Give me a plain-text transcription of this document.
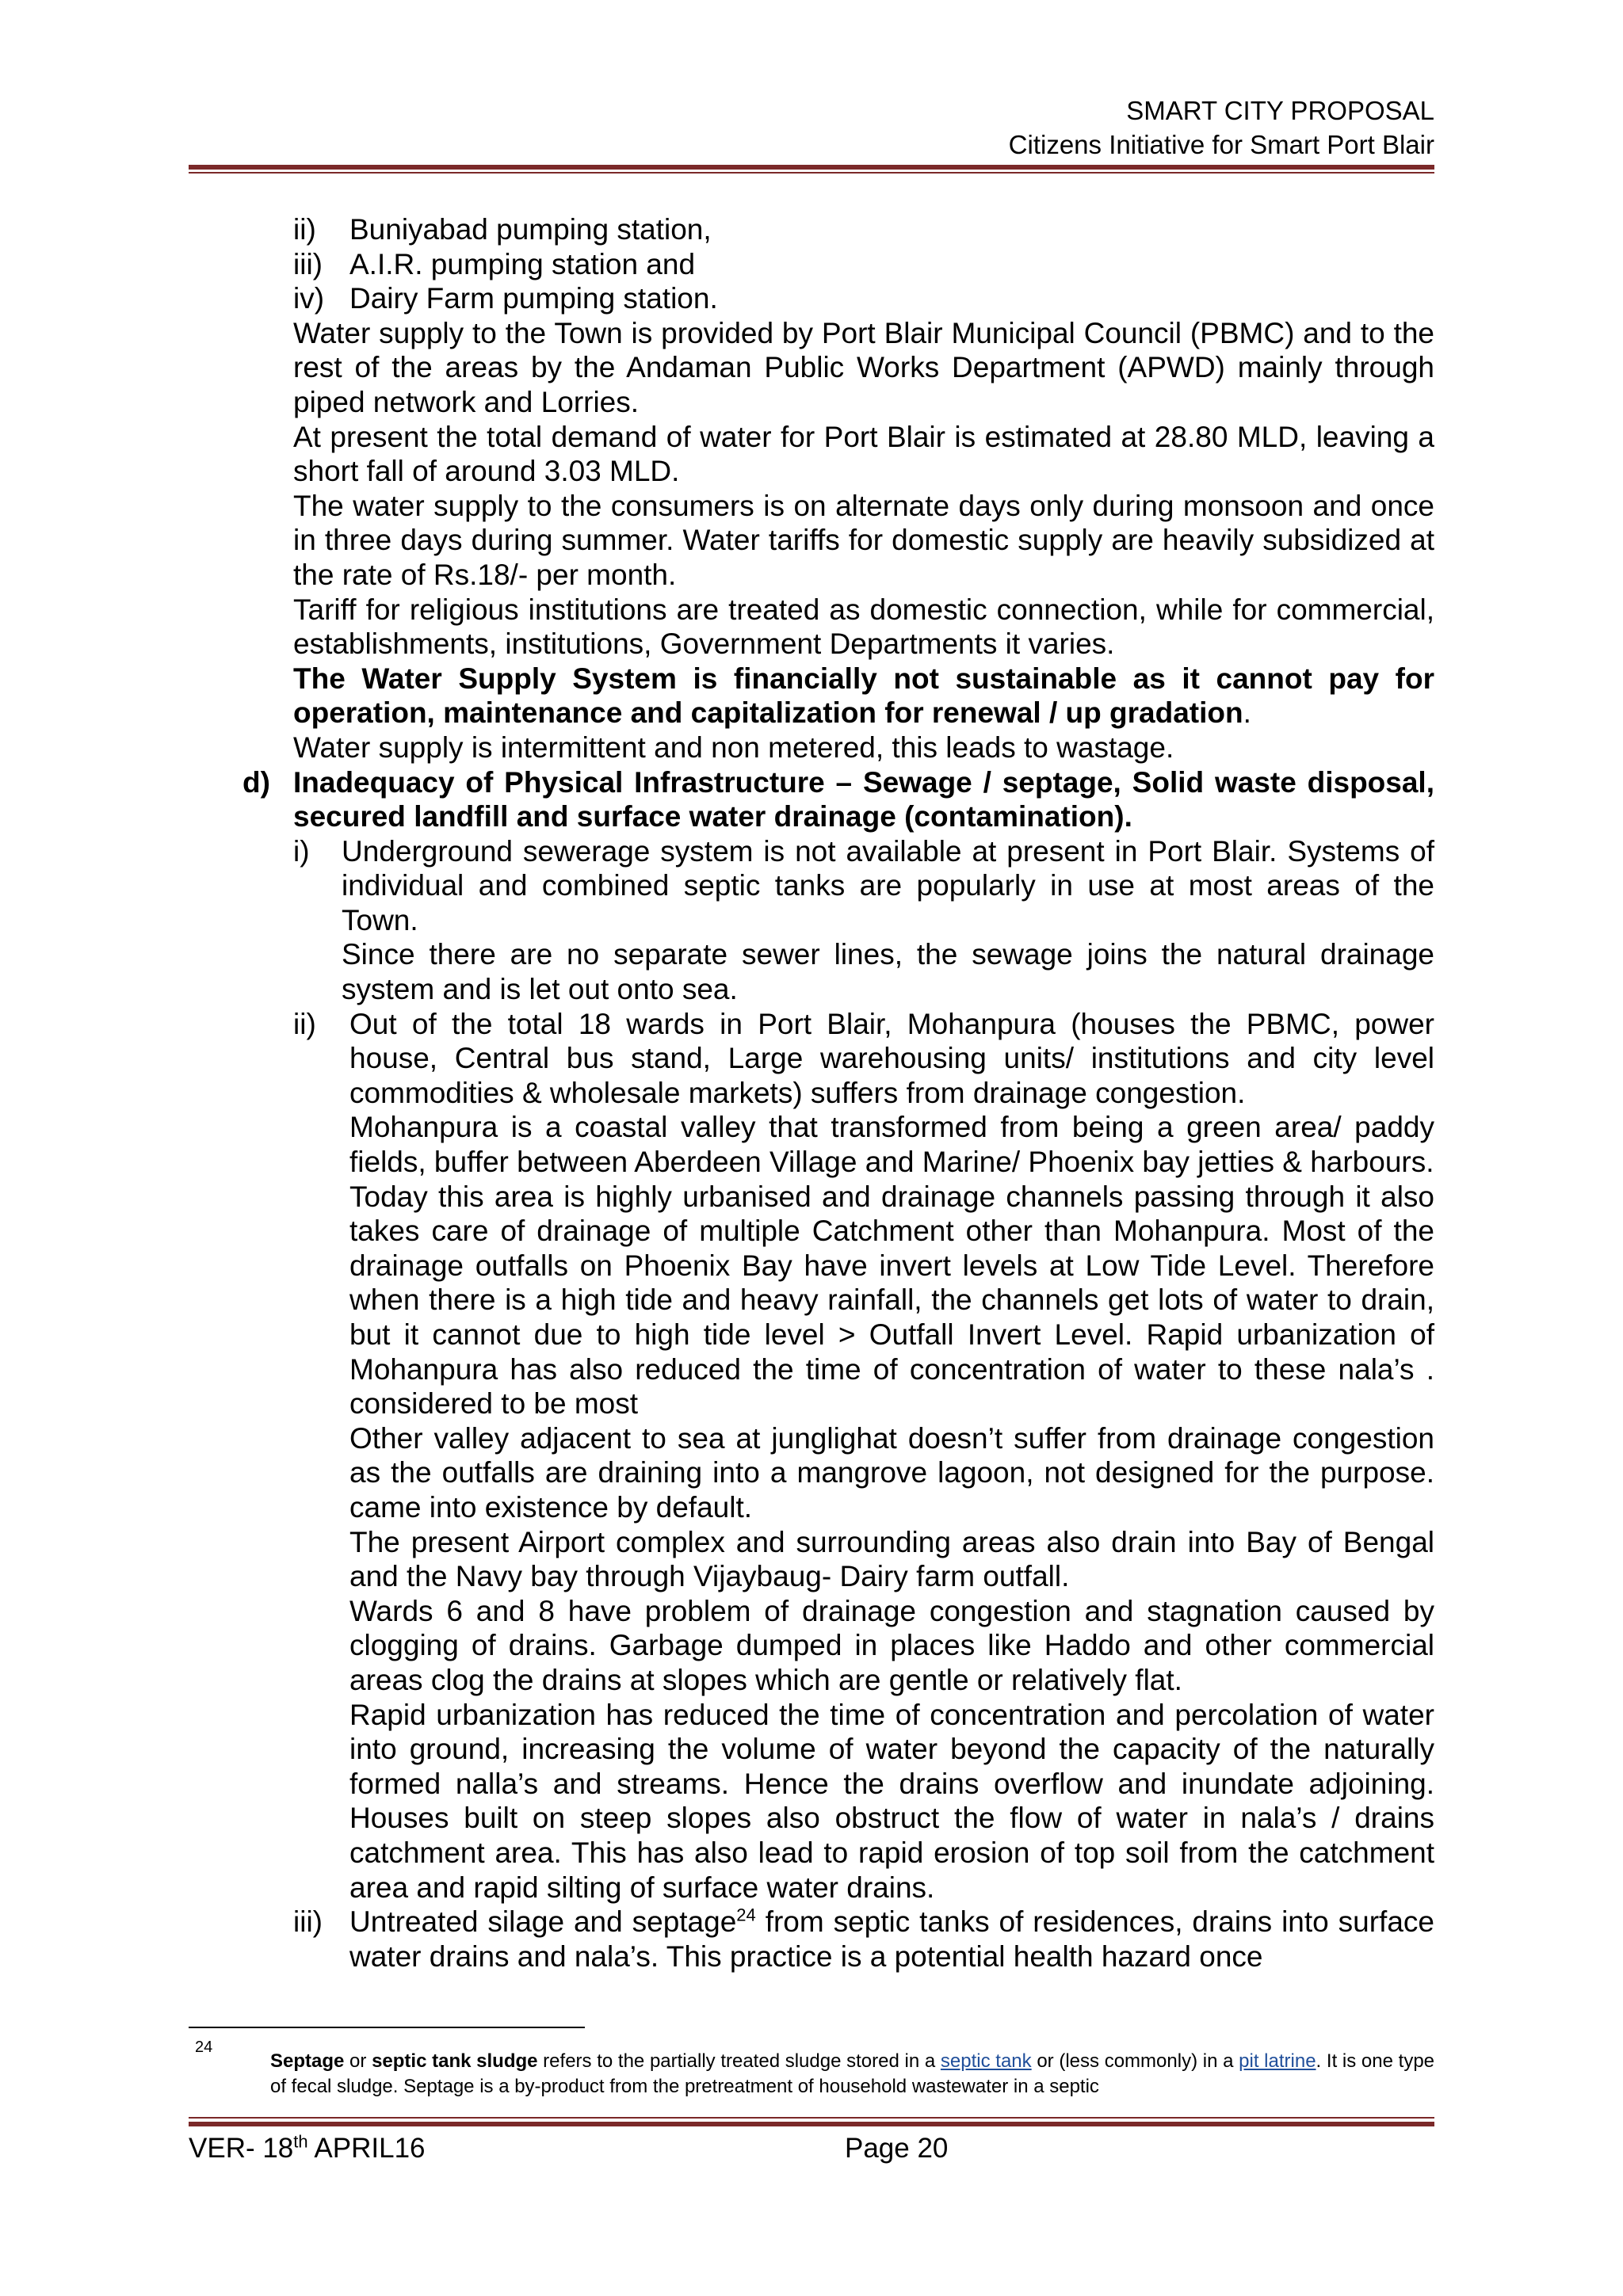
SMART CITY PROPOSAL
Citizens Initiative for Smart Port Blair
ii) Buniyabad pumping station,
iii) A.I.R. pumping station and
iv) Dairy Farm pumping station.
Water supply to the Town is provided by Port Blair Municipal Council (PBMC) and to the rest of the areas by the Andaman Public Works Department (APWD) mainly through piped network and Lorries.
At present the total demand of water for Port Blair is estimated at 28.80 MLD, leaving a short fall of around 3.03 MLD.
The water supply to the consumers is on alternate days only during monsoon and once in three days during summer. Water tariffs for domestic supply are heavily subsidized at the rate of Rs.18/- per month.
Tariff for religious institutions are treated as domestic connection, while for commercial, establishments, institutions, Government Departments it varies.
The Water Supply System is financially not sustainable as it cannot pay for operation, maintenance and capitalization for renewal / up gradation.
Water supply is intermittent and non metered, this leads to wastage.
d) Inadequacy of Physical Infrastructure – Sewage / septage, Solid waste disposal, secured landfill and surface water drainage (contamination).
i) Underground sewerage system is not available at present in Port Blair. Systems of individual and combined septic tanks are popularly in use at most areas of the Town.
Since there are no separate sewer lines, the sewage joins the natural drainage system and is let out onto sea.
ii) Out of the total 18 wards in Port Blair, Mohanpura (houses the PBMC, power house, Central bus stand, Large warehousing units/ institutions and city level commodities & wholesale markets) suffers from drainage congestion.
Mohanpura is a coastal valley that transformed from being a green area/ paddy fields, buffer between Aberdeen Village and Marine/ Phoenix bay jetties & harbours.
Today this area is highly urbanised and drainage channels passing through it also takes care of drainage of multiple Catchment other than Mohanpura. Most of the drainage outfalls on Phoenix Bay have invert levels at Low Tide Level. Therefore when there is a high tide and heavy rainfall, the channels get lots of water to drain, but it cannot due to high tide level > Outfall Invert Level. Rapid urbanization of Mohanpura has also reduced the time of concentration of water to these nala’s . considered to be most
Other valley adjacent to sea at junglighat doesn’t suffer from drainage congestion as the outfalls are draining into a mangrove lagoon, not designed for the purpose. came into existence by default.
The present Airport complex and surrounding areas also drain into Bay of Bengal and the Navy bay through Vijaybaug- Dairy farm outfall.
Wards 6 and 8 have problem of drainage congestion and stagnation caused by clogging of drains. Garbage dumped in places like Haddo and other commercial areas clog the drains at slopes which are gentle or relatively flat.
Rapid urbanization has reduced the time of concentration and percolation of water into ground, increasing the volume of water beyond the capacity of the naturally formed nalla’s and streams. Hence the drains overflow and inundate adjoining. Houses built on steep slopes also obstruct the flow of water in nala’s / drains catchment area. This has also lead to rapid erosion of top soil from the catchment area and rapid silting of surface water drains.
iii) Untreated silage and septage$^{24}$ from septic tanks of residences, drains into surface water drains and nala’s. This practice is a potential health hazard once
24
Septage or septic tank sludge refers to the partially treated sludge stored in a septic tank or (less commonly) in a pit latrine. It is one type of fecal sludge. Septage is a by-product from the pretreatment of household wastewater in a septic
VER- 18th APRIL16	Page 20
